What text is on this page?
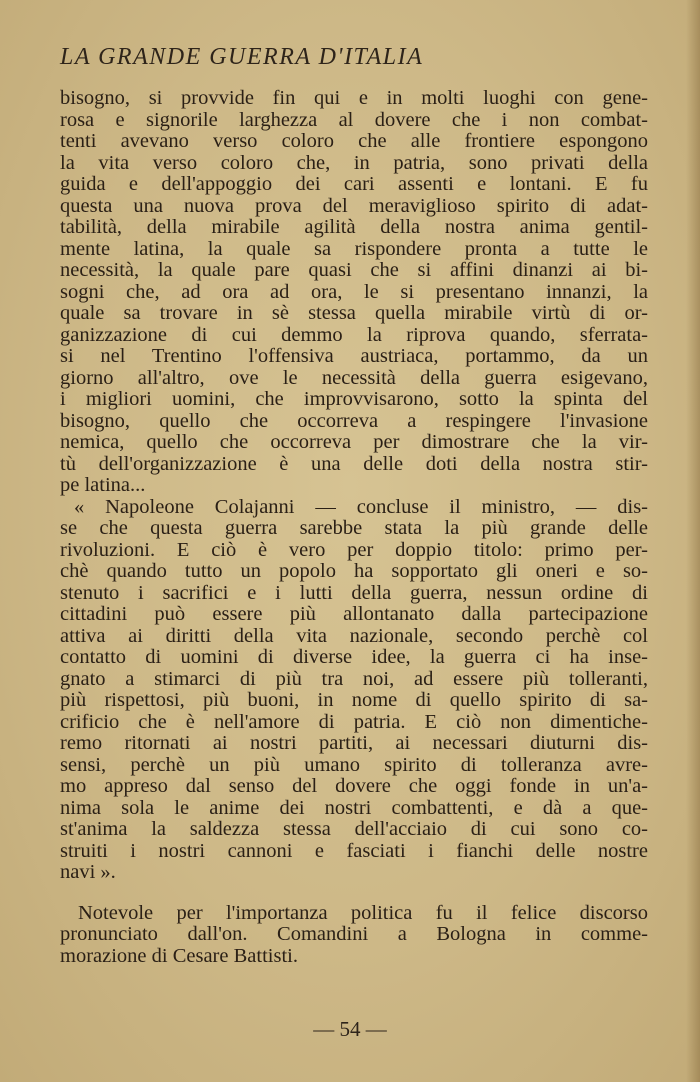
LA GRANDE GUERRA D'ITALIA
bisogno, si provvide fin qui e in molti luoghi con gene-
rosa e signorile larghezza al dovere che i non combat-
tenti avevano verso coloro che alle frontiere espongono
la vita verso coloro che, in patria, sono privati della
guida e dell'appoggio dei cari assenti e lontani. E fu
questa una nuova prova del meraviglioso spirito di adat-
tabilità, della mirabile agilità della nostra anima gentil-
mente latina, la quale sa rispondere pronta a tutte le
necessità, la quale pare quasi che si affini dinanzi ai bi-
sogni che, ad ora ad ora, le si presentano innanzi, la
quale sa trovare in sè stessa quella mirabile virtù di or-
ganizzazione di cui demmo la riprova quando, sferrata-
si nel Trentino l'offensiva austriaca, portammo, da un
giorno all'altro, ove le necessità della guerra esigevano,
i migliori uomini, che improvvisarono, sotto la spinta del
bisogno, quello che occorreva a respingere l'invasione
nemica, quello che occorreva per dimostrare che la vir-
tù dell'organizzazione è una delle doti della nostra stir-
pe latina...
« Napoleone Colajanni — concluse il ministro, — dis-
se che questa guerra sarebbe stata la più grande delle
rivoluzioni. E ciò è vero per doppio titolo: primo per-
chè quando tutto un popolo ha sopportato gli oneri e so-
stenuto i sacrifici e i lutti della guerra, nessun ordine di
cittadini può essere più allontanato dalla partecipazione
attiva ai diritti della vita nazionale, secondo perchè col
contatto di uomini di diverse idee, la guerra ci ha inse-
gnato a stimarci di più tra noi, ad essere più tolleranti,
più rispettosi, più buoni, in nome di quello spirito di sa-
crificio che è nell'amore di patria. E ciò non dimentiche-
remo ritornati ai nostri partiti, ai necessari diuturni dis-
sensi, perchè un più umano spirito di tolleranza avre-
mo appreso dal senso del dovere che oggi fonde in un'a-
nima sola le anime dei nostri combattenti, e dà a que-
st'anima la saldezza stessa dell'acciaio di cui sono co-
struiti i nostri cannoni e fasciati i fianchi delle nostre
navi ».
Notevole per l'importanza politica fu il felice discorso
pronunciato dall'on. Comandini a Bologna in comme-
morazione di Cesare Battisti.
— 54 —
